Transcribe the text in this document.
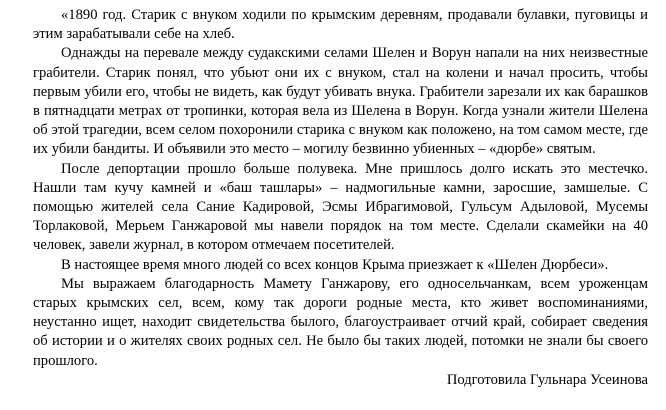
«1890 год. Старик с внуком ходили по крымским деревням, продавали булавки, пуговицы и этим зарабатывали себе на хлеб.

Однажды на перевале между судакскими селами Шелен и Ворун напали на них неизвестные грабители. Старик понял, что убьют они их с внуком, стал на колени и начал просить, чтобы первым убили его, чтобы не видеть, как будут убивать внука. Грабители зарезали их как барашков в пятнадцати метрах от тропинки, которая вела из Шелена в Ворун. Когда узнали жители Шелена об этой трагедии, всем селом похоронили старика с внуком как положено, на том самом месте, где их убили бандиты. И объявили это место – могилу безвинно убиенных – «дюрбе» святым.

После депортации прошло больше полувека. Мне пришлось долго искать это местечко. Нашли там кучу камней и «баш ташлары» – надмогильные камни, заросшие, замшелые. С помощью жителей села Сание Кадировой, Эсмы Ибрагимовой, Гульсум Адыловой, Мусемы Торлаковой, Мерьем Ганжаровой мы навели порядок на том месте. Сделали скамейки на 40 человек, завели журнал, в котором отмечаем посетителей.

В настоящее время много людей со всех концов Крыма приезжает к «Шелен Дюрбеси».

Мы выражаем благодарность Мамету Ганжарову, его односельчанкам, всем уроженцам старых крымских сел, всем, кому так дороги родные места, кто живет воспоминаниями, неустанно ищет, находит свидетельства былого, благоустраивает отчий край, собирает сведения об истории и о жителях своих родных сел. Не было бы таких людей, потомки не знали бы своего прошлого.

Подготовила Гульнара Усеинова
